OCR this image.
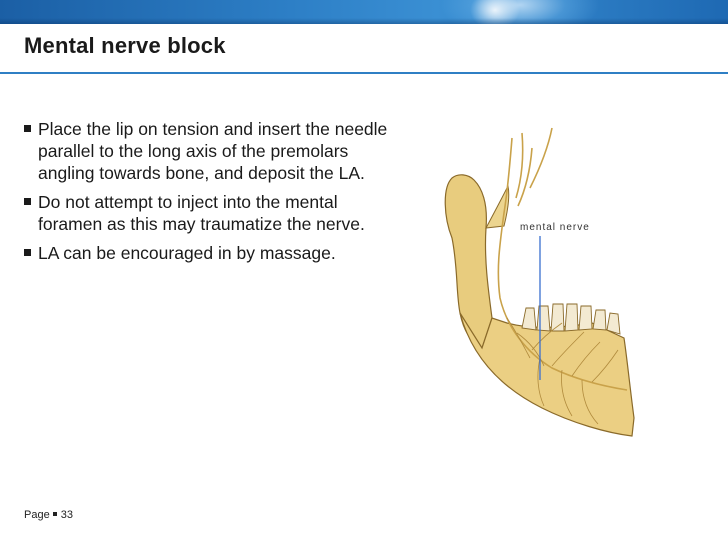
Mental nerve block
Place the lip on tension and insert the needle parallel to the long axis of the premolars angling towards bone, and deposit the LA.
Do not attempt to inject into the mental foramen as this may traumatize the nerve.
LA can be encouraged in by massage.
mental nerve
Page 33
